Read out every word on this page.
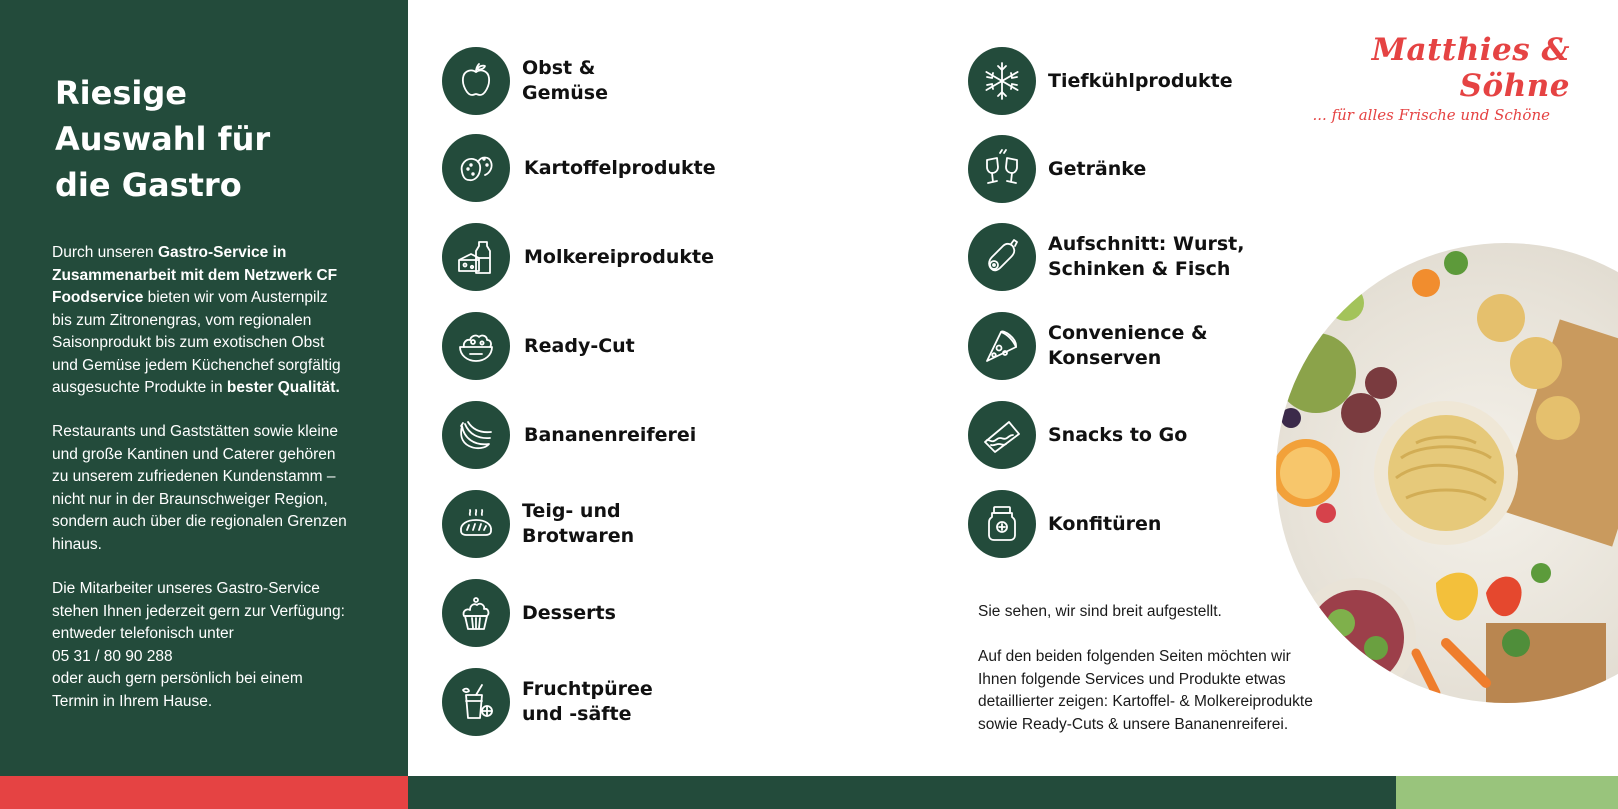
Riesige
Auswahl für
die Gastro
Durch unseren Gastro-Service in
Zusammenarbeit mit dem Netzwerk CF
Foodservice bieten wir vom Austernpilz
bis zum Zitronengras, vom regionalen
Saisonprodukt bis zum exotischen Obst
und Gemüse jedem Küchenchef sorgfältig
ausgesuchte Produkte in bester Qualität.
Restaurants und Gaststätten sowie kleine
und große Kantinen und Caterer gehören
zu unserem zufriedenen Kundenstamm –
nicht nur in der Braunschweiger Region,
sondern auch über die regionalen Grenzen
hinaus.
Die Mitarbeiter unseres Gastro-Service
stehen Ihnen jederzeit gern zur Verfügung:
entweder telefonisch unter
05 31 / 80 90 288
oder auch gern persönlich bei einem
Termin in Ihrem Hause.
Obst &
Gemüse
Kartoffelprodukte
Molkereiprodukte
Ready-Cut
Bananenreiferei
Teig- und
Brotwaren
Desserts
Fruchtpüree
und -säfte
Tiefkühlprodukte
Getränke
Aufschnitt: Wurst,
Schinken & Fisch
Convenience &
Konserven
Snacks to Go
Konfitüren
Matthies & Söhne
... für alles Frische und Schöne
Sie sehen, wir sind breit aufgestellt.
Auf den beiden folgenden Seiten möchten wir
Ihnen folgende Services und Produkte etwas
detaillierter zeigen: Kartoffel- & Molkereiprodukte
sowie Ready-Cuts & unsere Bananenreiferei.
